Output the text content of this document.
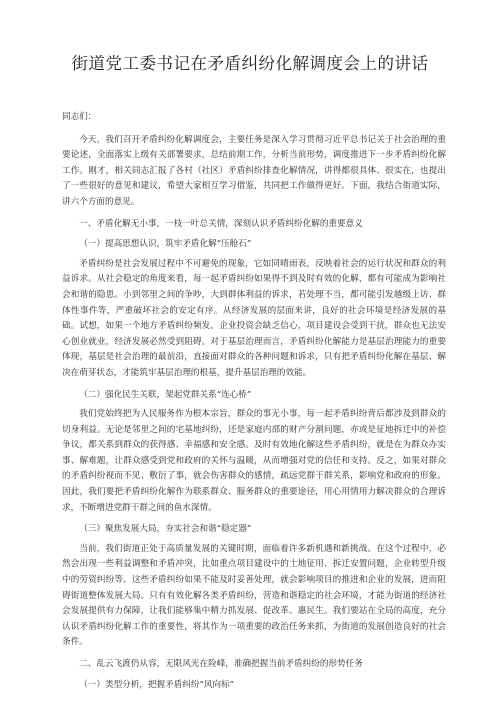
街道党工委书记在矛盾纠纷化解调度会上的讲话

同志们：

今天，我们召开矛盾纠纷化解调度会，主要任务是深入学习贯彻习近平总书记关于社会治理的重要论述，全面落实上级有关部署要求，总结前期工作，分析当前形势，调度推进下一步矛盾纠纷化解工作。刚才，相关同志汇报了各村（社区）矛盾纠纷排查化解情况，讲得都很具体、很实在，也提出了一些很好的意见和建议，希望大家相互学习借鉴，共同把工作做得更好。下面，我结合街道实际，讲六个方面的意见。

一、矛盾化解无小事，一枝一叶总关情，深刻认识矛盾纠纷化解的重要意义

（一）提高思想认识，筑牢矛盾化解“压舱石”

矛盾纠纷是社会发展过程中不可避免的现象，它如同晴雨表，反映着社会的运行状况和群众的利益诉求。从社会稳定的角度来看，每一起矛盾纠纷如果得不到及时有效的化解，都有可能成为影响社会和谐的隐患。小到邻里之间的争吵，大到群体利益的诉求，若处理不当，都可能引发越级上访、群体性事件等，严重破坏社会的安定有序。从经济发展的层面来讲，良好的社会环境是经济发展的基础。试想，如果一个地方矛盾纠纷频发，企业投资会缺乏信心，项目建设会受到干扰，群众也无法安心创业就业，经济发展必然受到阻碍。对于基层治理而言，矛盾纠纷化解能力是基层治理能力的重要体现，基层是社会治理的最前沿，直接面对群众的各种问题和诉求，只有把矛盾纠纷化解在基层、解决在萌芽状态，才能筑牢基层治理的根基，提升基层治理的效能。

（二）强化民生关联，架起党群关系“连心桥”

我们党始终把为人民服务作为根本宗旨，群众的事无小事，每一起矛盾纠纷背后都涉及到群众的切身利益。无论是邻里之间的宅基地纠纷，还是家庭内部的财产分割问题，亦或是征地拆迁中的补偿争议，都关系到群众的获得感、幸福感和安全感。及时有效地化解这些矛盾纠纷，就是在为群众办实事、解难题，让群众感受到党和政府的关怀与温暖，从而增强对党的信任和支持。反之，如果对群众的矛盾纠纷视而不见、敷衍了事，就会伤害群众的感情，疏远党群干群关系，影响党和政府的形象。因此，我们要把矛盾纠纷化解作为联系群众、服务群众的重要途径，用心用情用力解决群众的合理诉求，不断增进党群干群之间的鱼水深情。

（三）聚焦发展大局，夯实社会和谐“稳定器”

当前，我们街道正处于高质量发展的关键时期，面临着许多新机遇和新挑战。在这个过程中，必然会出现一些利益调整和矛盾冲突，比如重点项目建设中的土地征用、拆迁安置问题，企业转型升级中的劳资纠纷等。这些矛盾纠纷如果不能及时妥善处理，就会影响项目的推进和企业的发展，进而阻碍街道整体发展大局。只有有效化解各类矛盾纠纷，营造和谐稳定的社会环境，才能为街道的经济社会发展提供有力保障，让我们能够集中精力抓发展、促改革、惠民生。我们要站在全局的高度，充分认识矛盾纠纷化解工作的重要性，将其作为一项重要的政治任务来抓，为街道的发展创造良好的社会条件。

二、乱云飞渡仍从容，无限风光在险峰，准确把握当前矛盾纠纷的形势任务

（一）类型分析，把握矛盾纠纷“风向标”
